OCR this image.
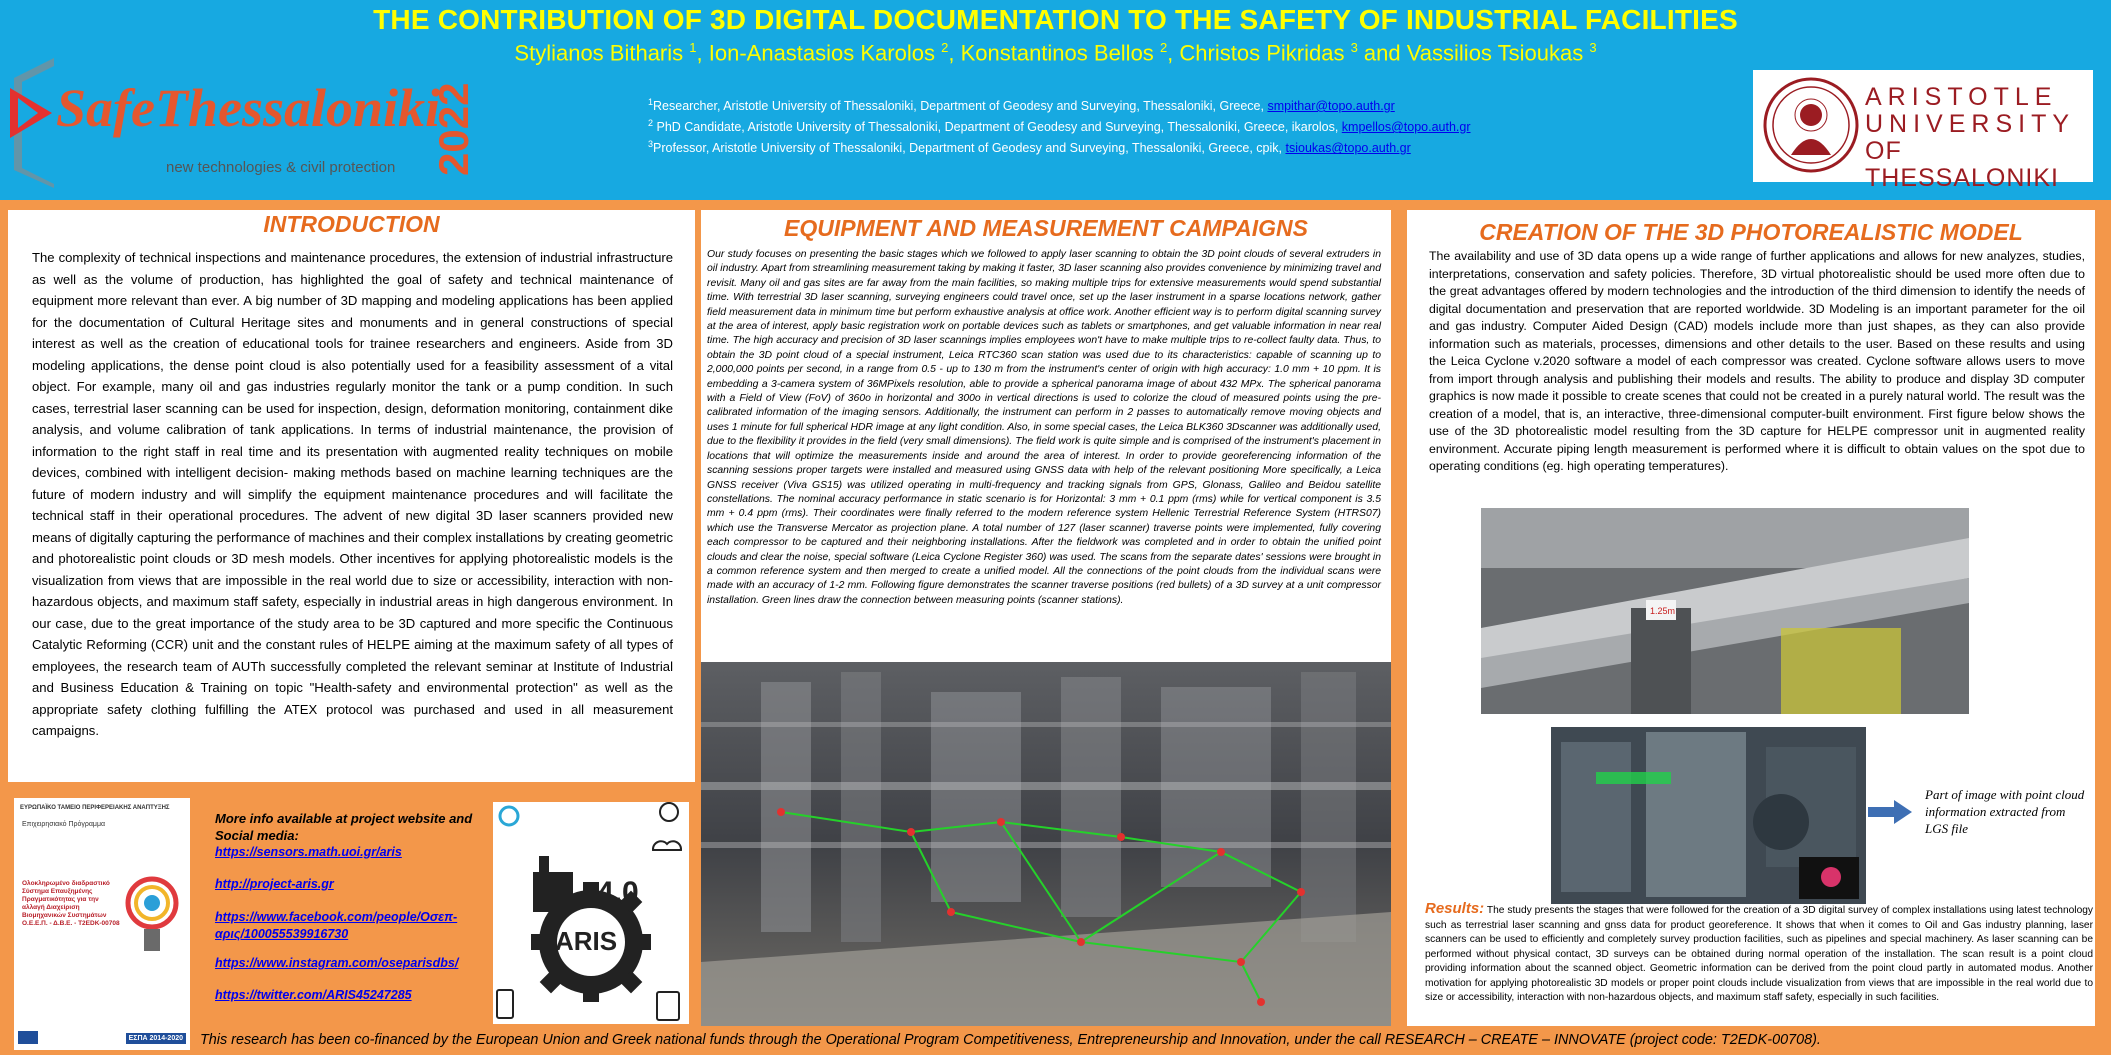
SafeThessaloniki
new technologies & civil protection 2022
THE CONTRIBUTION OF 3D DIGITAL DOCUMENTATION TO THE SAFETY OF INDUSTRIAL FACILITIES
Stylianos Bitharis $^1$, Ion-Anastasios Karolos $^2$, Konstantinos Bellos $^2$, Christos Pikridas $^3$ and Vassilios Tsioukas $^3$
$^1$Researcher, Aristotle University of Thessaloniki, Department of Geodesy and Surveying, Thessaloniki, Greece, smpithar@topo.auth.gr
$^2$ PhD Candidate, Aristotle University of Thessaloniki, Department of Geodesy and Surveying, Thessaloniki, Greece, ikarolos, kmpellos@topo.auth.gr
$^3$Professor, Aristotle University of Thessaloniki, Department of Geodesy and Surveying, Thessaloniki, Greece, cpik, tsioukas@topo.auth.gr
ARISTOTLE
UNIVERSITY
OF THESSALONIKI
INTRODUCTION
The complexity of technical inspections and maintenance procedures, the extension of industrial infrastructure as well as the volume of production, has highlighted the goal of safety and technical maintenance of equipment more relevant than ever. A big number of 3D mapping and modeling applications has been applied for the documentation of Cultural Heritage sites and monuments and in general constructions of special interest as well as the creation of educational tools for trainee researchers and engineers. Aside from 3D modeling applications, the dense point cloud is also potentially used for a feasibility assessment of a vital object. For example, many oil and gas industries regularly monitor the tank or a pump condition. In such cases, terrestrial laser scanning can be used for inspection, design, deformation monitoring, containment dike analysis, and volume calibration of tank applications. In terms of industrial maintenance, the provision of information to the right staff in real time and its presentation with augmented reality techniques on mobile devices, combined with intelligent decision- making methods based on machine learning techniques are the future of modern industry and will simplify the equipment maintenance procedures and will facilitate the technical staff in their operational procedures. The advent of new digital 3D laser scanners provided new means of digitally capturing the performance of machines and their complex installations by creating geometric and photorealistic point clouds or 3D mesh models. Other incentives for applying photorealistic models is the visualization from views that are impossible in the real world due to size or accessibility, interaction with non-hazardous objects, and maximum staff safety, especially in industrial areas in high dangerous environment. In our case, due to the great importance of the study area to be 3D captured and more specific the Continuous Catalytic Reforming (CCR) unit and the constant rules of HELPE aiming at the maximum safety of all types of employees, the research team of AUTh successfully completed the relevant seminar at Institute of Industrial and Business Education & Training on topic "Health-safety and environmental protection" as well as the appropriate safety clothing fulfilling the ATEX protocol was purchased and used in all measurement campaigns.
EQUIPMENT AND MEASUREMENT CAMPAIGNS
Our study focuses on presenting the basic stages which we followed to apply laser scanning to obtain the 3D point clouds of several extruders in oil industry. Apart from streamlining measurement taking by making it faster, 3D laser scanning also provides convenience by minimizing travel and revisit. Many oil and gas sites are far away from the main facilities, so making multiple trips for extensive measurements would spend substantial time. With terrestrial 3D laser scanning, surveying engineers could travel once, set up the laser instrument in a sparse locations network, gather field measurement data in minimum time but perform exhaustive analysis at office work. Another efficient way is to perform digital scanning survey at the area of interest, apply basic registration work on portable devices such as tablets or smartphones, and get valuable information in near real time. The high accuracy and precision of 3D laser scannings implies employees won't have to make multiple trips to re-collect faulty data. Thus, to obtain the 3D point cloud of a special instrument, Leica RTC360 scan station was used due to its characteristics: capable of scanning up to 2,000,000 points per second, in a range from 0.5 - up to 130 m from the instrument's center of origin with high accuracy: 1.0 mm + 10 ppm. It is embedding a 3-camera system of 36MPixels resolution, able to provide a spherical panorama image of about 432 MPx. The spherical panorama with a Field of View (FoV) of 360o in horizontal and 300o in vertical directions is used to colorize the cloud of measured points using the pre-calibrated information of the imaging sensors. Additionally, the instrument can perform in 2 passes to automatically remove moving objects and uses 1 minute for full spherical HDR image at any light condition. Also, in some special cases, the Leica BLK360 3Dscanner was additionally used, due to the flexibility it provides in the field (very small dimensions). The field work is quite simple and is comprised of the instrument's placement in locations that will optimize the measurements inside and around the area of interest. In order to provide georeferencing information of the scanning sessions proper targets were installed and measured using GNSS data with help of the relevant positioning More specifically, a Leica GNSS receiver (Viva GS15) was utilized operating in multi-frequency and tracking signals from GPS, Glonass, Galileo and Beidou satellite constellations. The nominal accuracy performance in static scenario is for Horizontal: 3 mm + 0.1 ppm (rms) while for vertical component is 3.5 mm + 0.4 ppm (rms). Their coordinates were finally referred to the modern reference system Hellenic Terrestrial Reference System (HTRS07) which use the Transverse Mercator as projection plane. A total number of 127 (laser scanner) traverse points were implemented, fully covering each compressor to be captured and their neighboring installations. After the fieldwork was completed and in order to obtain the unified point clouds and clear the noise, special software (Leica Cyclone Register 360) was used. The scans from the separate dates' sessions were brought in a common reference system and then merged to create a unified model. All the connections of the point clouds from the individual scans were made with an accuracy of 1-2 mm. Following figure demonstrates the scanner traverse positions (red bullets) of a 3D survey at a unit compressor installation. Green lines draw the connection between measuring points (scanner stations).
CREATION OF THE 3D PHOTOREALISTIC MODEL
The availability and use of 3D data opens up a wide range of further applications and allows for new analyzes, studies, interpretations, conservation and safety policies. Therefore, 3D virtual photorealistic should be used more often due to the great advantages offered by modern technologies and the introduction of the third dimension to identify the needs of digital documentation and preservation that are reported worldwide. 3D Modeling is an important parameter for the oil and gas industry. Computer Aided Design (CAD) models include more than just shapes, as they can also provide information such as materials, processes, dimensions and other details to the user. Based on these results and using the Leica Cyclone v.2020 software a model of each compressor was created. Cyclone software allows users to move from import through analysis and publishing their models and results. The ability to produce and display 3D computer graphics is now made it possible to create scenes that could not be created in a purely natural world. The result was the creation of a model, that is, an interactive, three-dimensional computer-built environment. First figure below shows the use of the 3D photorealistic model resulting from the 3D capture for HELPE compressor unit in augmented reality environment. Accurate piping length measurement is performed where it is difficult to obtain values on the spot due to operating conditions (eg. high operating temperatures).
1.25m
Part of image with point cloud information extracted from LGS file
Results: The study presents the stages that were followed for the creation of a 3D digital survey of complex installations using latest technology such as terrestrial laser scanning and gnss data for product georeference. It shows that when it comes to Oil and Gas industry planning, laser scanners can be used to efficiently and completely survey production facilities, such as pipelines and special machinery. As laser scanning can be performed without physical contact, 3D surveys can be obtained during normal operation of the installation. The scan result is a point cloud providing information about the scanned object. Geometric information can be derived from the point cloud partly in automated modus. Another motivation for applying photorealistic 3D models or proper point clouds include visualization from views that are impossible in the real world due to size or accessibility, interaction with non-hazardous objects, and maximum staff safety, especially in such facilities.
ΕΥΡΩΠΑΪΚΟ ΤΑΜΕΙΟ ΠΕΡΙΦΕΡΕΙΑΚΗΣ ΑΝΑΠΤΥΞΗΣ
Επιχειρησιακό Πρόγραμμα
Ολοκληρωμένο διαδραστικό Σύστημα Επαυξημένης Πραγματικότητας για την αλλαγή Διαχείριση Βιομηχανικών Συστημάτων Ο.Ε.Ε.Π. - Δ.Β.Ε. - T2EDK-00708
ΕΣΠΑ 2014-2020
More info available at project website and Social media:
https://sensors.math.uoi.gr/aris
http://project-aris.gr
https://www.facebook.com/people/Οσεπ-αρις/100055539916730
https://www.instagram.com/oseparisdbs/
https://twitter.com/ARIS45247285
4.0
ARIS
This research has been co-financed by the European Union and Greek national funds through the Operational Program Competitiveness, Entrepreneurship and Innovation, under the call RESEARCH – CREATE – INNOVATE (project code: T2EDK-00708).
